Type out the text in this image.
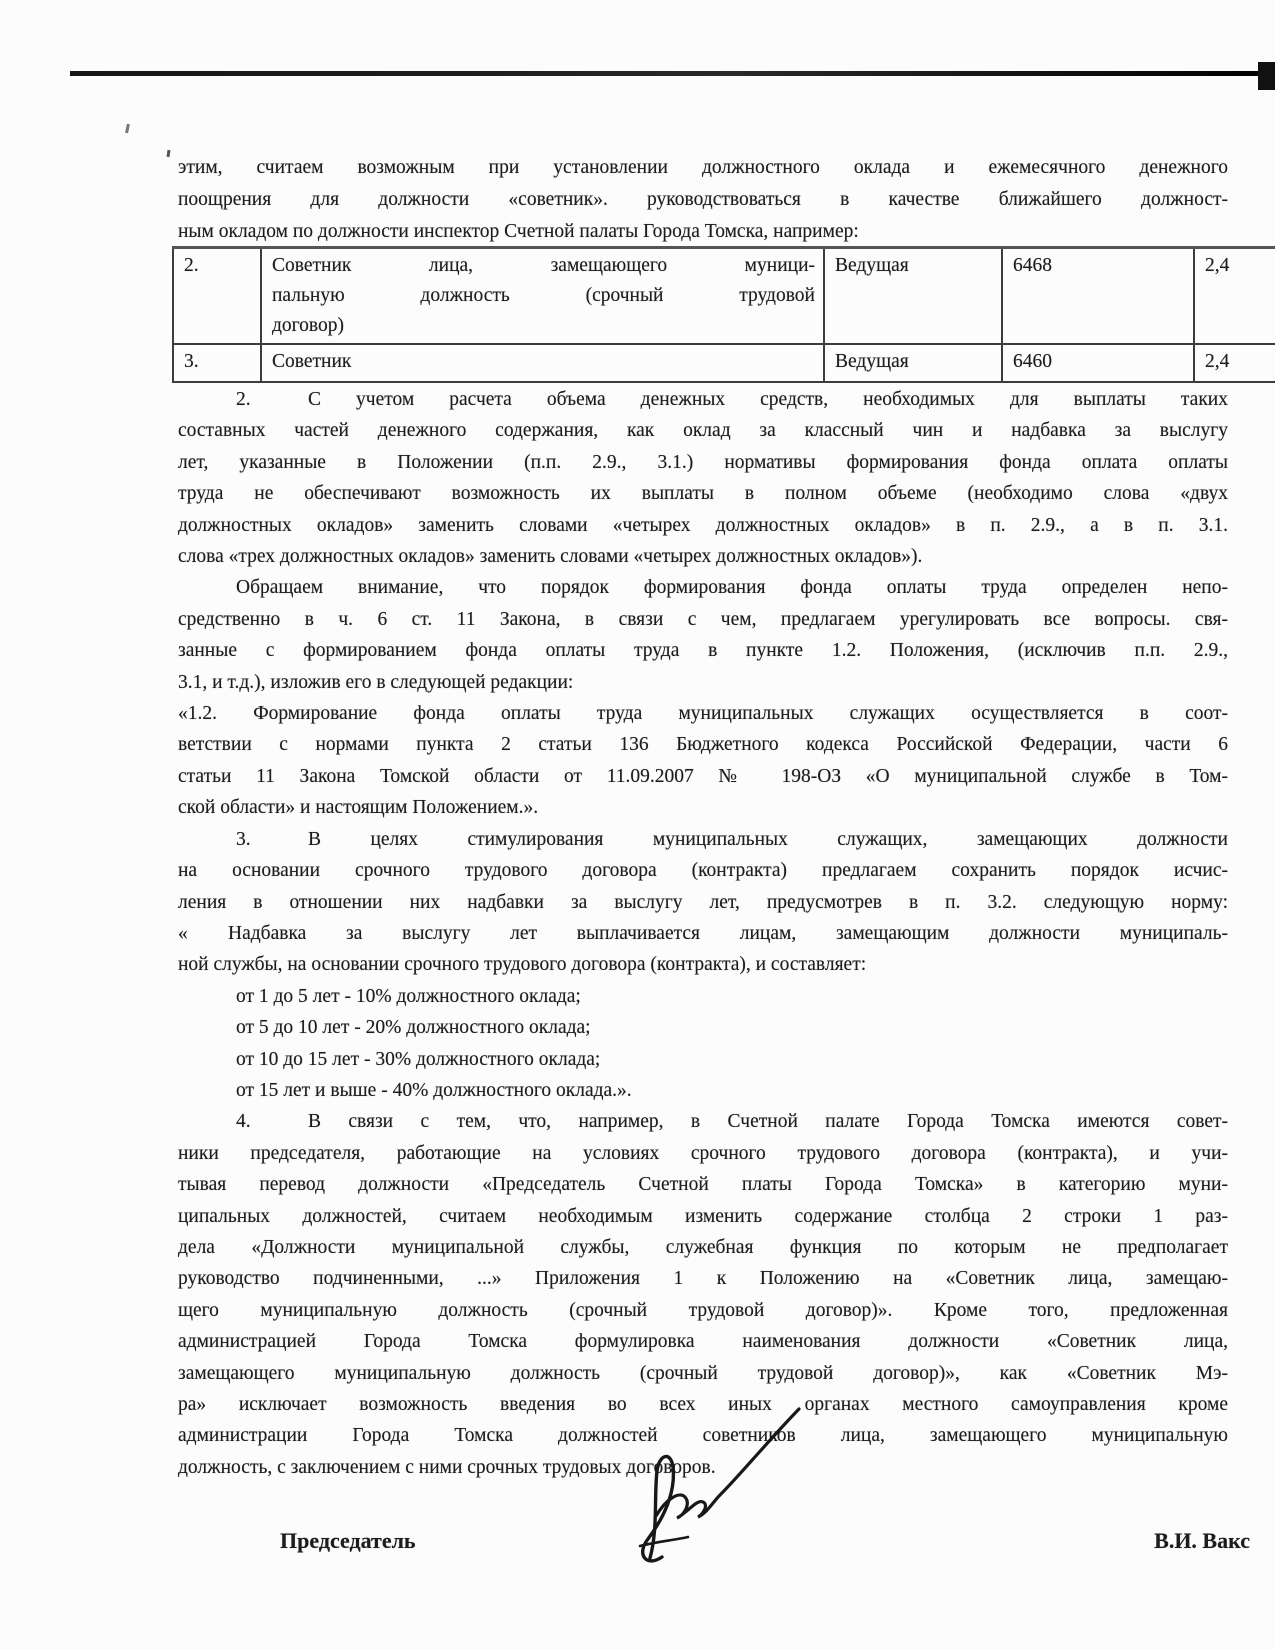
этим, считаем возможным при установлении должностного оклада и ежемесячного денежного
поощрения для должности «советник». руководствоваться в качестве ближайшего должност-
ным окладом по должности инспектор Счетной палаты Города Томска, например:
2.	Советник лица, замещающего муници-
пальную должность (срочный трудовой
договор)	Ведущая	6468	2,4
3.	Советник	Ведущая	6460	2,4
2.	С учетом расчета объема денежных средств, необходимых для выплаты таких
составных частей денежного содержания, как оклад за классный чин и надбавка за выслугу
лет, указанные в Положении (п.п. 2.9., 3.1.) нормативы формирования фонда оплата оплаты
труда не обеспечивают возможность их выплаты в полном объеме (необходимо слова «двух
должностных окладов» заменить словами «четырех должностных окладов» в п. 2.9., а в п. 3.1.
слова «трех должностных окладов» заменить словами «четырех должностных окладов»).
Обращаем внимание, что порядок формирования фонда оплаты труда определен непо-
средственно в ч. 6 ст. 11 Закона, в связи с чем, предлагаем урегулировать все вопросы. свя-
занные с формированием фонда оплаты труда в пункте 1.2. Положения, (исключив п.п. 2.9.,
3.1, и т.д.), изложив его в следующей редакции:
«1.2. Формирование фонда оплаты труда муниципальных служащих осуществляется в соот-
ветствии с нормами пункта 2 статьи 136 Бюджетного кодекса Российской Федерации, части 6
статьи 11 Закона Томской области от 11.09.2007 № 198-ОЗ «О муниципальной службе в Том-
ской области» и настоящим Положением.».
3.	В целях стимулирования муниципальных служащих, замещающих должности
на основании срочного трудового договора (контракта) предлагаем сохранить порядок исчис-
ления в отношении них надбавки за выслугу лет, предусмотрев в п. 3.2. следующую норму:
« Надбавка за выслугу лет выплачивается лицам, замещающим должности муниципаль-
ной службы, на основании срочного трудового договора (контракта), и составляет:
от 1 до 5 лет - 10% должностного оклада;
от 5 до 10 лет - 20% должностного оклада;
от 10 до 15 лет - 30% должностного оклада;
от 15 лет и выше - 40% должностного оклада.».
4.	В связи с тем, что, например, в Счетной палате Города Томска имеются совет-
ники председателя, работающие на условиях срочного трудового договора (контракта), и учи-
тывая перевод должности «Председатель Счетной платы Города Томска» в категорию муни-
ципальных должностей, считаем необходимым изменить содержание столбца 2 строки 1 раз-
дела «Должности муниципальной службы, служебная функция по которым не предполагает
руководство подчиненными, ...» Приложения 1 к Положению на «Советник лица, замещаю-
щего муниципальную должность (срочный трудовой договор)». Кроме того, предложенная
администрацией Города Томска формулировка наименования должности «Советник лица,
замещающего муниципальную должность (срочный трудовой договор)», как «Советник Мэ-
ра» исключает возможность введения во всех иных органах местного самоуправления кроме
администрации Города Томска должностей советников лица, замещающего муниципальную
должность, с заключением с ними срочных трудовых договоров.
Председатель	В.И. Вакс
